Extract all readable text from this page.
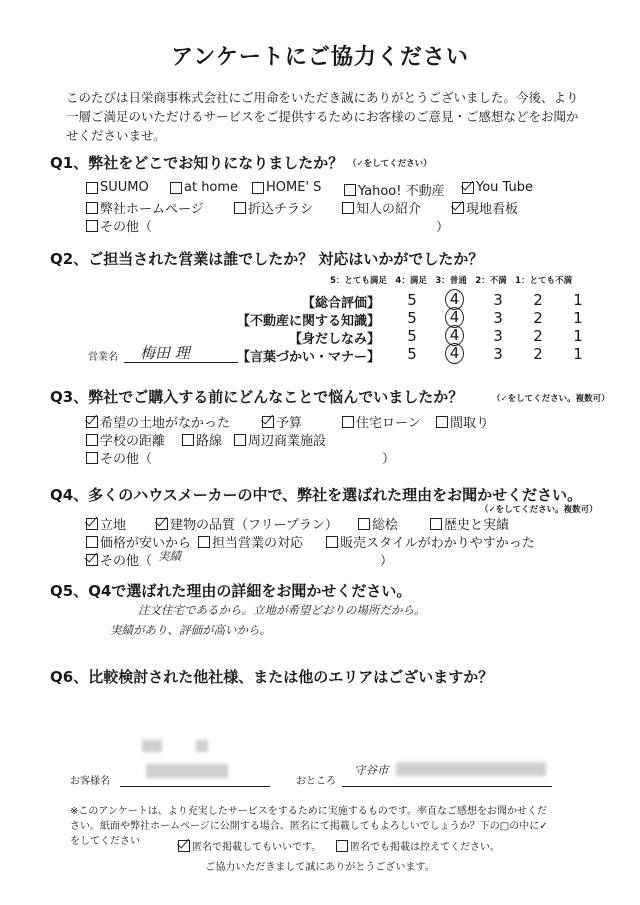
アンケートにご協力ください
このたびは日栄商事株式会社にご用命をいただき誠にありがとうございました。今後、より一層ご満足のいただけるサービスをご提供するためにお客様のご意見・ご感想などをお聞かせくださいませ。
Q1、弊社をどこでお知りになりましたか？ （✓をしてください）
SUUMO	at home HOME' S	Yahoo! 不動産 You Tube
弊社ホームページ	折込チラシ	知人の紹介	現地看板
その他（	）
Q2、ご担当された営業は誰でしたか？ 対応はいかがでしたか？
5：とても満足　4：満足　3：普通　2：不満　1：とても不満
【総合評価】	5	4	3	2	1
【不動産に関する知識】	5	4	3	2	1
【身だしなみ】	5	4	3	2	1
【言葉づかい・マナー】	5	4	3	2	1
営業名 梅田 理
Q3、弊社でご購入する前にどんなことで悩んでいましたか？	（✓をしてください。複数可）
希望の土地がなかった	予算	住宅ローン 間取り
学校の距離 路線 周辺商業施設
その他（	）
Q4、多くのハウスメーカーの中で、弊社を選ばれた理由をお聞かせください。
（✓をしてください。複数可）
立地	建物の品質（フリープラン）	総桧	歴史と実績
価格が安いから 担当営業の対応	販売スタイルがわかりやすかった
その他（ 実績	）
Q5、Q4で選ばれた理由の詳細をお聞かせください。
注文住宅であるから。立地が希望どおりの場所だから。
実績があり、評価が高いから。
Q6、比較検討された他社様、または他のエリアはございますか？
お客様名	おところ
守谷市
※このアンケートは、より充実したサービスをするために実施するものです。率直なご感想をお聞かせください。紙面や弊社ホームページに公開する場合、匿名にて掲載してもよろしいでしょうか？下の□の中に✓をしてください
匿名で掲載してもいいです。	匿名でも掲載は控えてください。
ご協力いただきまして誠にありがとうございます。
